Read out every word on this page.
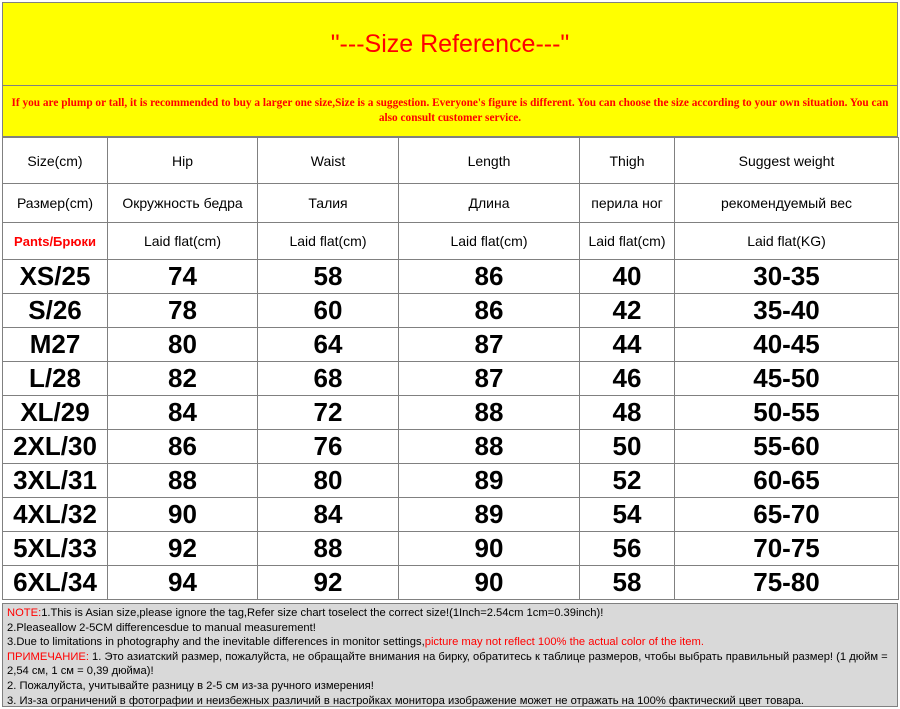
"---Size Reference---"
If you are plump or tall, it is recommended to buy a larger one size,Size is a suggestion. Everyone's figure is different. You can choose the size according to your own situation. You can also consult customer service.
Size(cm)	Hip	Waist	Length	Thigh	Suggest weight
Размер(cm)	Окружность бедра	Талия	Длина	перила ног	рекомендуемый вес
Pants/Брюки	Laid flat(cm)	Laid flat(cm)	Laid flat(cm)	Laid flat(cm)	Laid flat(KG)
XS/25	74	58	86	40	30-35
S/26	78	60	86	42	35-40
M27	80	64	87	44	40-45
L/28	82	68	87	46	45-50
XL/29	84	72	88	48	50-55
2XL/30	86	76	88	50	55-60
3XL/31	88	80	89	52	60-65
4XL/32	90	84	89	54	65-70
5XL/33	92	88	90	56	70-75
6XL/34	94	92	90	58	75-80

NOTE:1.This is Asian size,please ignore the tag,Refer size chart toselect the correct size!(1Inch=2.54cm 1cm=0.39inch)!

2.Pleaseallow 2-5CM differencesdue to manual measurement!

3.Due to limitations in photography and the inevitable differences in monitor settings,picture may not reflect 100% the actual color of the item.

ПРИМЕЧАНИЕ: 1. Это азиатский размер, пожалуйста, не обращайте внимания на бирку, обратитесь к таблице размеров, чтобы выбрать правильный размер! (1 дюйм = 2,54 см, 1 см = 0,39 дюйма)!

2. Пожалуйста, учитывайте разницу в 2-5 см из-за ручного измерения!

3. Из-за ограничений в фотографии и неизбежных различий в настройках монитора изображение может не отражать на 100% фактический цвет товара.
